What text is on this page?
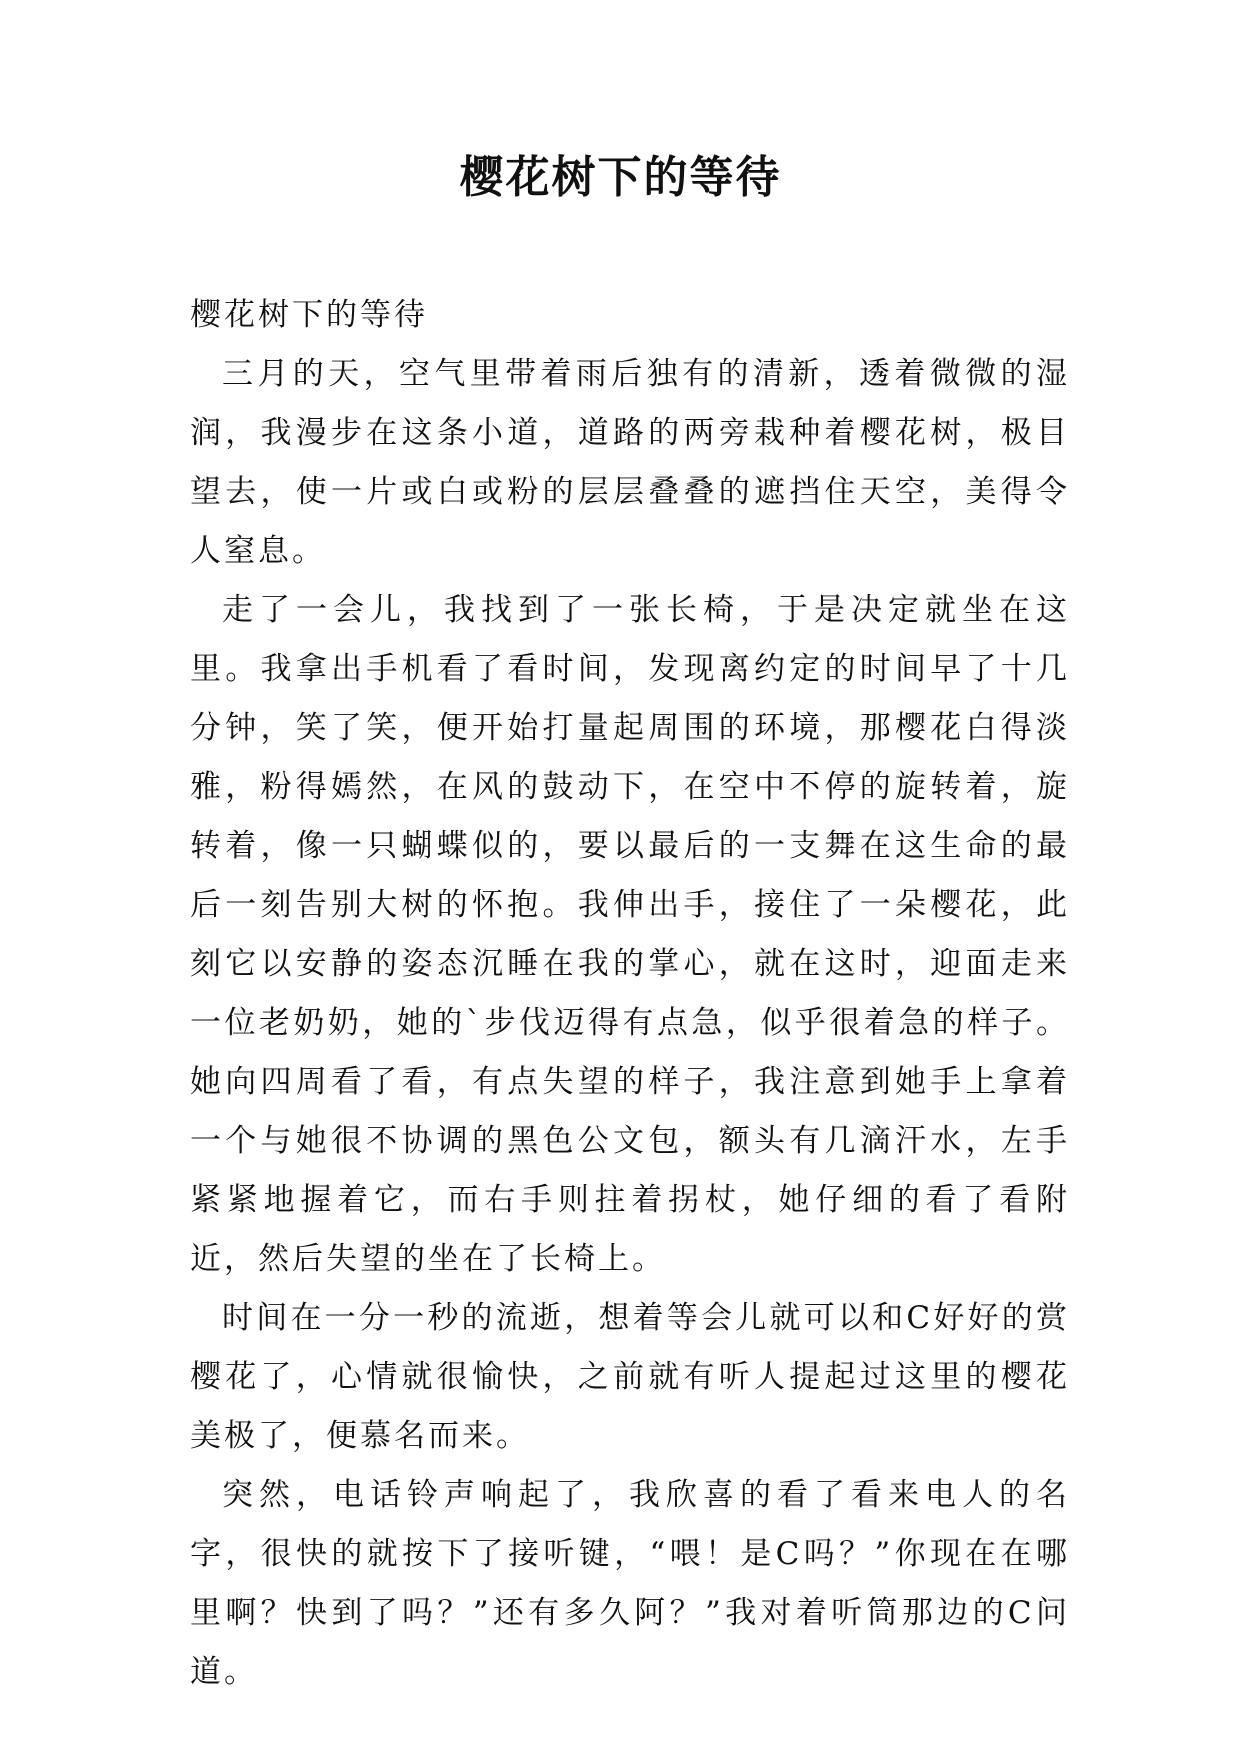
樱花树下的等待

樱花树下的等待

三月的天，空气里带着雨后独有的清新，透着微微的湿润，我漫步在这条小道，道路的两旁栽种着樱花树，极目望去，使一片或白或粉的层层叠叠的遮挡住天空，美得令人窒息。

走了一会儿，我找到了一张长椅，于是决定就坐在这里。我拿出手机看了看时间，发现离约定的时间早了十几分钟，笑了笑，便开始打量起周围的环境，那樱花白得淡雅，粉得嫣然，在风的鼓动下，在空中不停的旋转着，旋转着，像一只蝴蝶似的，要以最后的一支舞在这生命的最后一刻告别大树的怀抱。我伸出手，接住了一朵樱花，此刻它以安静的姿态沉睡在我的掌心，就在这时，迎面走来一位老奶奶，她的`步伐迈得有点急，似乎很着急的样子。她向四周看了看，有点失望的样子，我注意到她手上拿着一个与她很不协调的黑色公文包，额头有几滴汗水，左手紧紧地握着它，而右手则拄着拐杖，她仔细的看了看附近，然后失望的坐在了长椅上。

时间在一分一秒的流逝，想着等会儿就可以和C好好的赏樱花了，心情就很愉快，之前就有听人提起过这里的樱花美极了，便慕名而来。

突然，电话铃声响起了，我欣喜的看了看来电人的名字，很快的就按下了接听键，“喂！是C吗？”你现在在哪里啊？快到了吗？”还有多久阿？”我对着听筒那边的C问道。
